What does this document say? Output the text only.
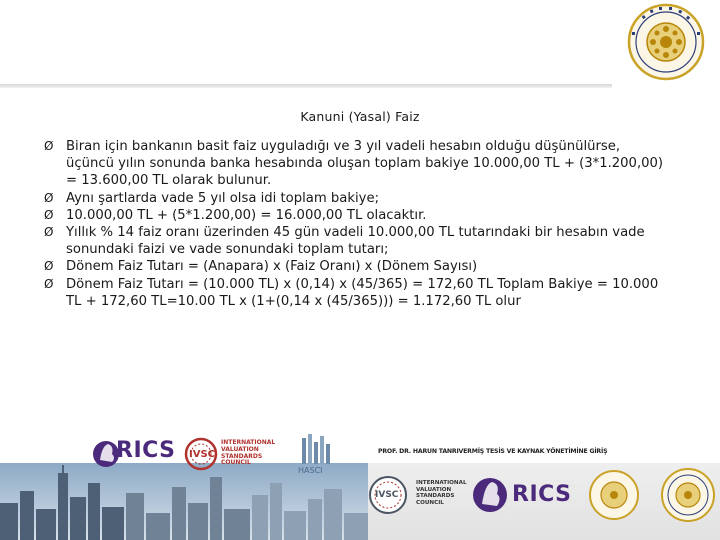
Kanuni (Yasal) Faiz
Ø Biran için bankanın basit faiz uyguladığı ve 3 yıl vadeli hesabın olduğu düşünülürse, üçüncü yılın sonunda banka hesabında oluşan toplam bakiye 10.000,00 TL + (3*1.200,00) = 13.600,00 TL olarak bulunur.
Ø Aynı şartlarda vade 5 yıl olsa idi toplam bakiye;
Ø 10.000,00 TL + (5*1.200,00) = 16.000,00 TL olacaktır.
Ø Yıllık % 14 faiz oranı üzerinden 45 gün vadeli 10.000,00 TL tutarındaki bir hesabın vade sonundaki faizi ve vade sonundaki toplam tutarı;
Ø Dönem Faiz Tutarı = (Anapara) x (Faiz Oranı) x (Dönem Sayısı)
Ø Dönem Faiz Tutarı = (10.000 TL) x (0,14) x (45/365) = 172,60 TL Toplam Bakiye = 10.000 TL + 172,60 TL=10.00 TL x (1+(0,14 x (45/365))) = 1.172,60 TL olur
RICS IVSC
INTERNATIONAL VALUATION STANDARDS COUNCIL
HASCI
PROF. DR. HARUN TANRIVERMİŞ TESİS VE KAYNAK YÖNETİMİNE GİRİŞ
IVSC
INTERNATIONAL VALUATION STANDARDS COUNCIL	RICS
